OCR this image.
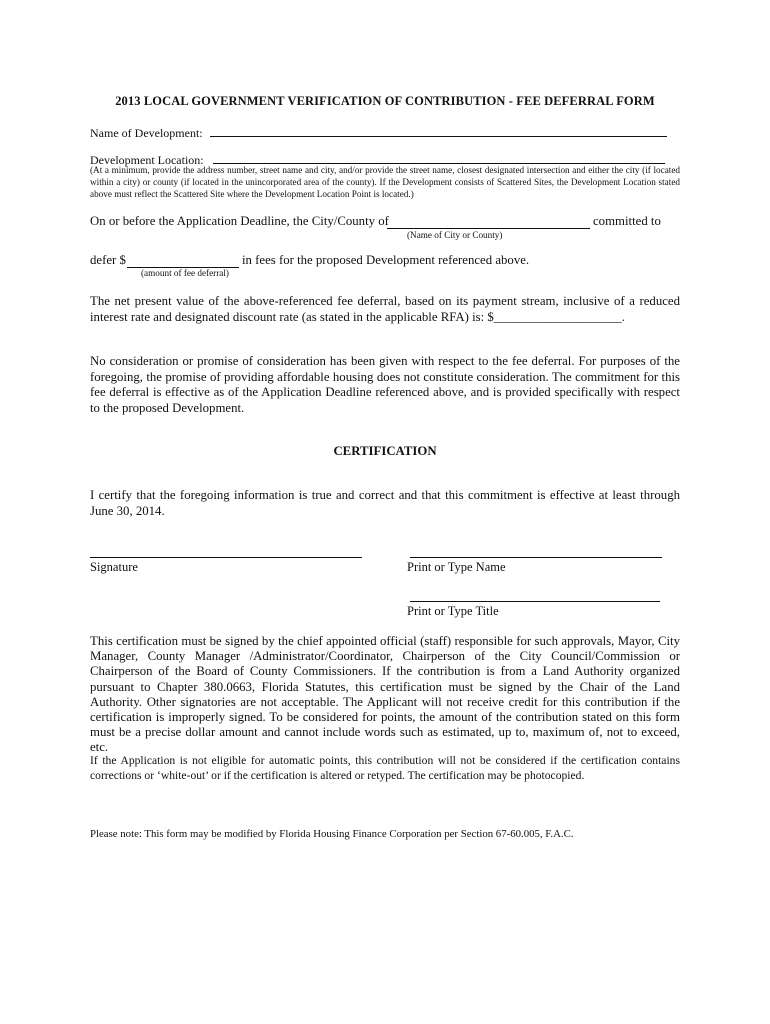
2013 LOCAL GOVERNMENT VERIFICATION OF CONTRIBUTION - FEE DEFERRAL FORM
Name of Development:
Development Location:
(At a minimum, provide the address number, street name and city, and/or provide the street name, closest designated intersection and either the city (if located within a city) or county (if located in the unincorporated area of the county). If the Development consists of Scattered Sites, the Development Location stated above must reflect the Scattered Site where the Development Location Point is located.)
On or before the Application Deadline, the City/County of	committed to
(Name of City or County)
defer $	in fees for the proposed Development referenced above.
(amount of fee deferral)
The net present value of the above-referenced fee deferral, based on its payment stream, inclusive of a reduced interest rate and designated discount rate (as stated in the applicable RFA) is: $____________________.
No consideration or promise of consideration has been given with respect to the fee deferral. For purposes of the foregoing, the promise of providing affordable housing does not constitute consideration. The commitment for this fee deferral is effective as of the Application Deadline referenced above, and is provided specifically with respect to the proposed Development.
CERTIFICATION
I certify that the foregoing information is true and correct and that this commitment is effective at least through June 30, 2014.
Signature	Print or Type Name
Print or Type Title
This certification must be signed by the chief appointed official (staff) responsible for such approvals, Mayor, City Manager, County Manager /Administrator/Coordinator, Chairperson of the City Council/Commission or Chairperson of the Board of County Commissioners. If the contribution is from a Land Authority organized pursuant to Chapter 380.0663, Florida Statutes, this certification must be signed by the Chair of the Land Authority. Other signatories are not acceptable. The Applicant will not receive credit for this contribution if the certification is improperly signed. To be considered for points, the amount of the contribution stated on this form must be a precise dollar amount and cannot include words such as estimated, up to, maximum of, not to exceed, etc.
If the Application is not eligible for automatic points, this contribution will not be considered if the certification contains corrections or ‘white-out’ or if the certification is altered or retyped. The certification may be photocopied.
Please note: This form may be modified by Florida Housing Finance Corporation per Section 67-60.005, F.A.C.
